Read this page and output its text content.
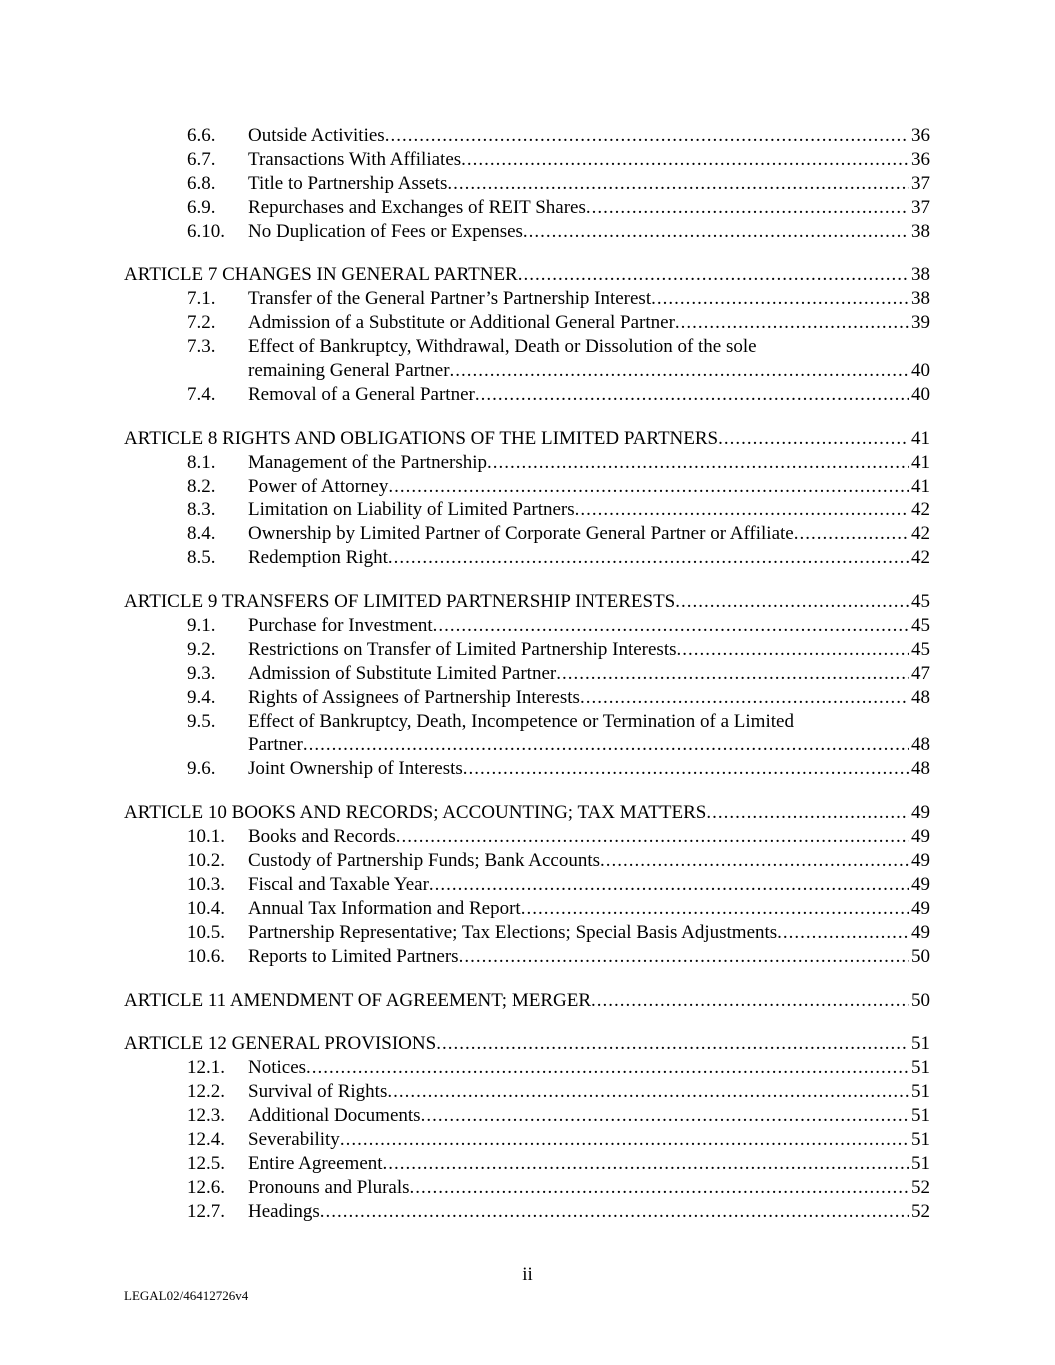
6.6. Outside Activities .....	36
6.7. Transactions With Affiliates .....	36
6.8. Title to Partnership Assets .....	37
6.9. Repurchases and Exchanges of REIT Shares .....	37
6.10. No Duplication of Fees or Expenses .....	38
ARTICLE 7 CHANGES IN GENERAL PARTNER .....	38
7.1. Transfer of the General Partner’s Partnership Interest .....	38
7.2. Admission of a Substitute or Additional General Partner .....	39
7.3. Effect of Bankruptcy, Withdrawal, Death or Dissolution of the sole
remaining General Partner .....	40
7.4. Removal of a General Partner .....	40
ARTICLE 8 RIGHTS AND OBLIGATIONS OF THE LIMITED PARTNERS .....	41
8.1. Management of the Partnership .....	41
8.2. Power of Attorney .....	41
8.3. Limitation on Liability of Limited Partners .....	42
8.4. Ownership by Limited Partner of Corporate General Partner or Affiliate .....	42
8.5. Redemption Right .....	42
ARTICLE 9 TRANSFERS OF LIMITED PARTNERSHIP INTERESTS .....	45
9.1. Purchase for Investment .....	45
9.2. Restrictions on Transfer of Limited Partnership Interests .....	45
9.3. Admission of Substitute Limited Partner .....	47
9.4. Rights of Assignees of Partnership Interests .....	48
9.5. Effect of Bankruptcy, Death, Incompetence or Termination of a Limited
Partner .....	48
9.6. Joint Ownership of Interests .....	48
ARTICLE 10 BOOKS AND RECORDS; ACCOUNTING; TAX MATTERS .....	49
10.1. Books and Records .....	49
10.2. Custody of Partnership Funds; Bank Accounts .....	49
10.3. Fiscal and Taxable Year .....	49
10.4. Annual Tax Information and Report .....	49
10.5. Partnership Representative; Tax Elections; Special Basis Adjustments .....	49
10.6. Reports to Limited Partners .....	50
ARTICLE 11 AMENDMENT OF AGREEMENT; MERGER .....	50
ARTICLE 12 GENERAL PROVISIONS .....	51
12.1. Notices .....	51
12.2. Survival of Rights .....	51
12.3. Additional Documents .....	51
12.4. Severability .....	51
12.5. Entire Agreement .....	51
12.6. Pronouns and Plurals .....	52
12.7. Headings .....	52
ii
LEGAL02/46412726v4
